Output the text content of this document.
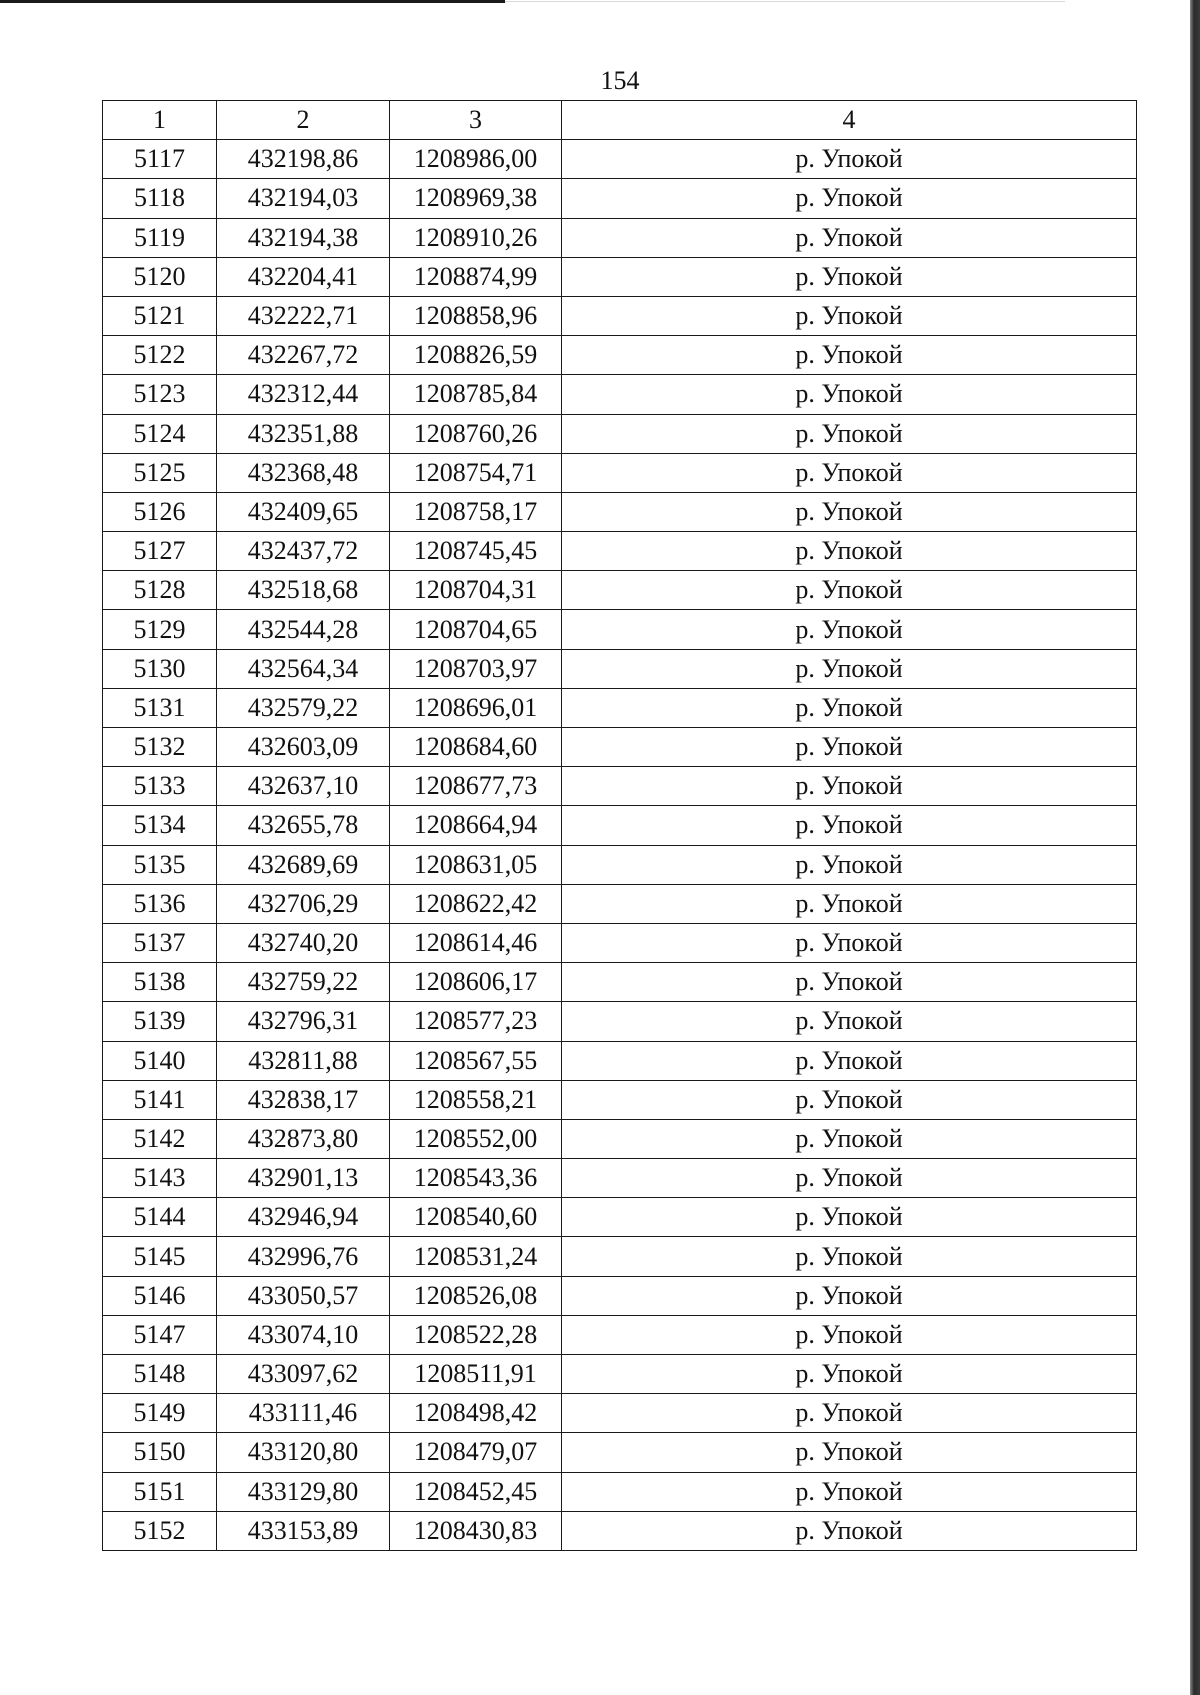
154
1	2	3	4
5117	432198,86	1208986,00	р. Упокой
5118	432194,03	1208969,38	р. Упокой
5119	432194,38	1208910,26	р. Упокой
5120	432204,41	1208874,99	р. Упокой
5121	432222,71	1208858,96	р. Упокой
5122	432267,72	1208826,59	р. Упокой
5123	432312,44	1208785,84	р. Упокой
5124	432351,88	1208760,26	р. Упокой
5125	432368,48	1208754,71	р. Упокой
5126	432409,65	1208758,17	р. Упокой
5127	432437,72	1208745,45	р. Упокой
5128	432518,68	1208704,31	р. Упокой
5129	432544,28	1208704,65	р. Упокой
5130	432564,34	1208703,97	р. Упокой
5131	432579,22	1208696,01	р. Упокой
5132	432603,09	1208684,60	р. Упокой
5133	432637,10	1208677,73	р. Упокой
5134	432655,78	1208664,94	р. Упокой
5135	432689,69	1208631,05	р. Упокой
5136	432706,29	1208622,42	р. Упокой
5137	432740,20	1208614,46	р. Упокой
5138	432759,22	1208606,17	р. Упокой
5139	432796,31	1208577,23	р. Упокой
5140	432811,88	1208567,55	р. Упокой
5141	432838,17	1208558,21	р. Упокой
5142	432873,80	1208552,00	р. Упокой
5143	432901,13	1208543,36	р. Упокой
5144	432946,94	1208540,60	р. Упокой
5145	432996,76	1208531,24	р. Упокой
5146	433050,57	1208526,08	р. Упокой
5147	433074,10	1208522,28	р. Упокой
5148	433097,62	1208511,91	р. Упокой
5149	433111,46	1208498,42	р. Упокой
5150	433120,80	1208479,07	р. Упокой
5151	433129,80	1208452,45	р. Упокой
5152	433153,89	1208430,83	р. Упокой
